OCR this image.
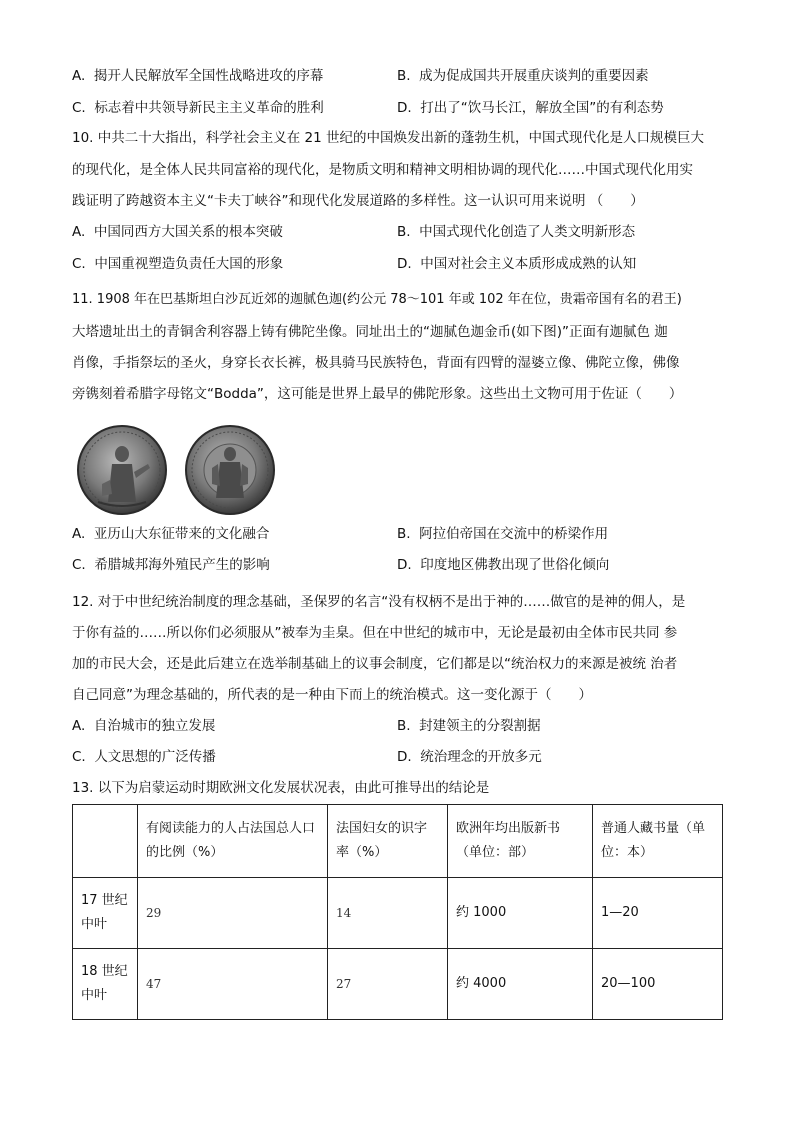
A. 揭开人民解放军全国性战略进攻的序幕	B. 成为促成国共开展重庆谈判的重要因素
C. 标志着中共领导新民主主义革命的胜利	D. 打出了“饮马长江，解放全国”的有利态势
10. 中共二十大指出，科学社会主义在 21 世纪的中国焕发出新的蓬勃生机，中国式现代化是人口规模巨大
的现代化，是全体人民共同富裕的现代化，是物质文明和精神文明相协调的现代化……中国式现代化用实
践证明了跨越资本主义“卡夫丁峡谷”和现代化发展道路的多样性。这一认识可用来说明 （　　）
A. 中国同西方大国关系的根本突破	B. 中国式现代化创造了人类文明新形态
C. 中国重视塑造负责任大国的形象	D. 中国对社会主义本质形成成熟的认知
11. 1908 年在巴基斯坦白沙瓦近郊的迦腻色迦(约公元 78～101 年或 102 年在位，贵霜帝国有名的君王)
大塔遗址出土的青铜舍利容器上铸有佛陀坐像。同址出土的“迦腻色迦金币(如下图)”正面有迦腻色 迦
肖像，手指祭坛的圣火，身穿长衣长裤，极具骑马民族特色，背面有四臂的湿婆立像、佛陀立像，佛像
旁镌刻着希腊字母铭文“Bodda”，这可能是世界上最早的佛陀形象。这些出土文物可用于佐证（　　）
A. 亚历山大东征带来的文化融合	B. 阿拉伯帝国在交流中的桥梁作用
C. 希腊城邦海外殖民产生的影响	D. 印度地区佛教出现了世俗化倾向
12. 对于中世纪统治制度的理念基础，圣保罗的名言“没有权柄不是出于神的……做官的是神的佣人，是
于你有益的……所以你们必须服从”被奉为圭臬。但在中世纪的城市中，无论是最初由全体市民共同 参
加的市民大会，还是此后建立在选举制基础上的议事会制度，它们都是以“统治权力的来源是被统 治者
自己同意”为理念基础的，所代表的是一种由下而上的统治模式。这一变化源于（　　）
A. 自治城市的独立发展	B. 封建领主的分裂割据
C. 人文思想的广泛传播	D. 统治理念的开放多元
13. 以下为启蒙运动时期欧洲文化发展状况表，由此可推导出的结论是
	有阅读能力的人占法国总人口的比例（%）	法国妇女的识字率（%）	欧洲年均出版新书（单位：部）	普通人藏书量（单位：本）
17 世纪中叶	29	14	约 1000	1—20
18 世纪中叶	47	27	约 4000	20—100
